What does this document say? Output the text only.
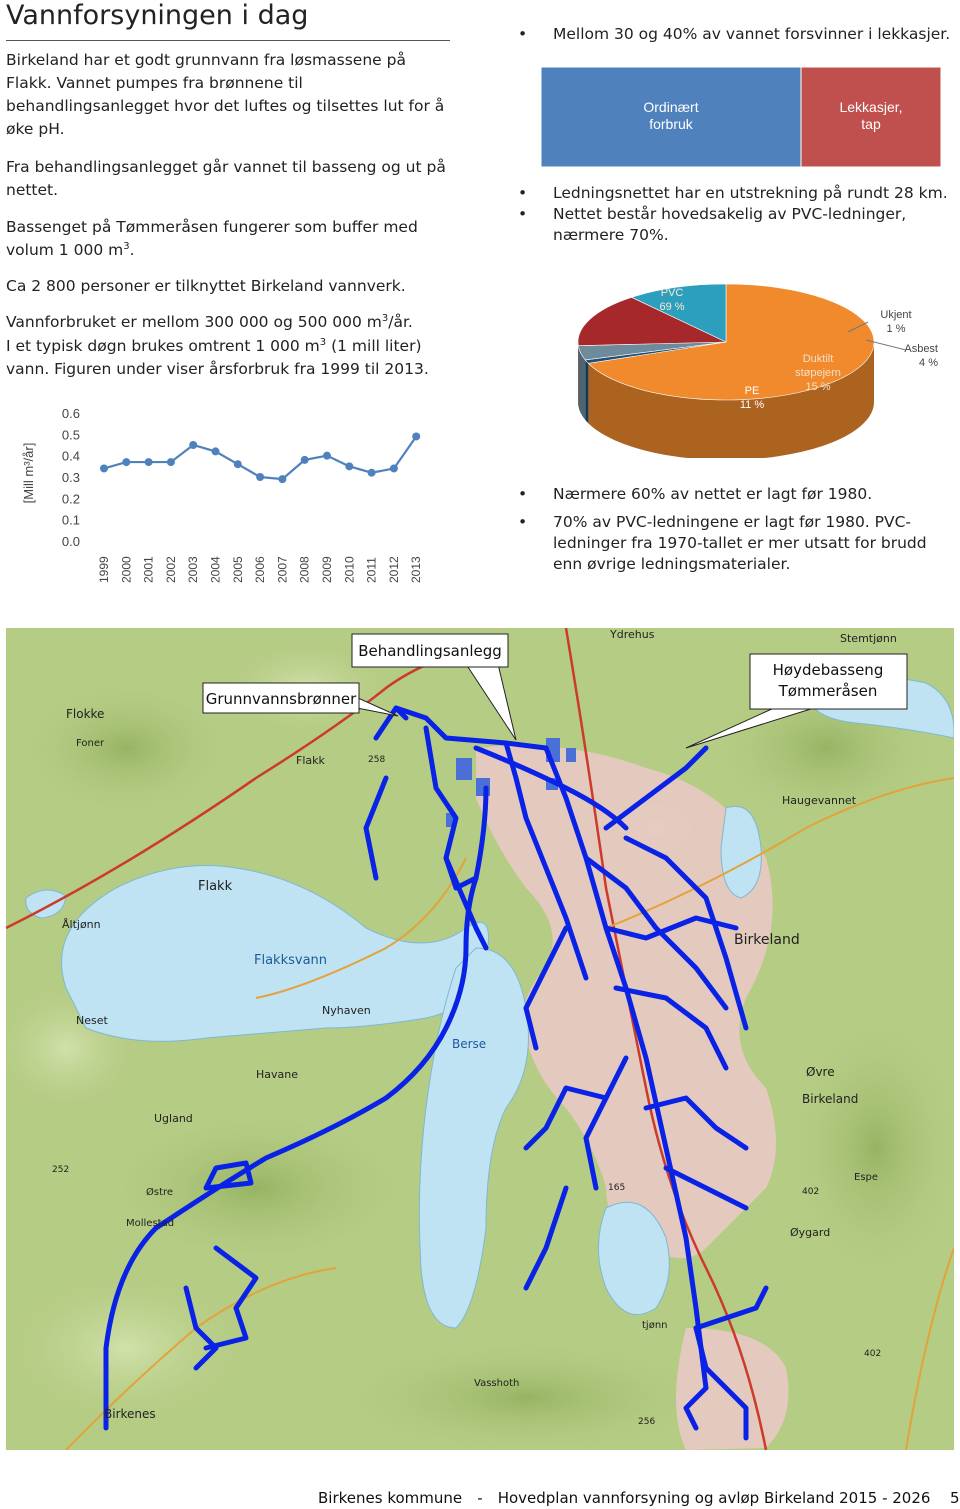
Vannforsyningen i dag
Birkeland har et godt grunnvann fra løsmassene på Flakk. Vannet pumpes fra brønnene til behandlingsanlegget hvor det luftes og tilsettes lut for å øke pH.
Fra behandlingsanlegget går vannet til basseng og ut på nettet.
Bassenget på Tømmeråsen fungerer som buffer med volum 1 000 $m^3$.
Ca 2 800 personer er tilknyttet Birkeland vannverk.
Vannforbruket er mellom 300 000 og 500 000 $m^3/år$.
I et typisk døgn brukes omtrent 1 000 $m^3$ (1 mill liter) vann. Figuren under viser årsforbruk fra 1999 til 2013.
[Mill m³/år]
0.6
0.5
0.4
0.3
0.2
0.1
0.0
1999 2000 2001 2002 2003 2004 2005 2006 2007 2008 2009 2010 2011 2012 2013

• Mellom 30 og 40% av vannet forsvinner i lekkasjer.

Ordinært
forbruk
Lekkasjer,
tap

• Ledningsnettet har en utstrekning på rundt 28 km.

• Nettet består hovedsakelig av PVC-ledninger, nærmere 70%.

PVC
69 %
Ukjent
1 %
Asbest
4 %
Duktilt
støpejern
15 %
PE
11 %

• Nærmere 60% av nettet er lagt før 1980.

• 70% av PVC-ledningene er lagt før 1980. PVC-ledninger fra 1970-tallet er mer utsatt for brudd enn øvrige ledningsmaterialer.

Flokke
Foner
Flakk
Flakk
Åltjønn
Flakksvann
Neset
Nyhaven
Havane
Ugland
Østre
Mollestad
Birkenes
Berse
Birkeland
Øvre
Birkeland
Haugevannet
Stemtjønn
Ydrehus
Øygard
Vasshoth
tjønn
Espe
258
252
402
402
165
256
Grunnvannsbrønner
Behandlingsanlegg
Høydebasseng
Tømmeråsen
Birkenes kommune - Hovedplan vannforsyning og avløp Birkeland 2015 - 2026 5
